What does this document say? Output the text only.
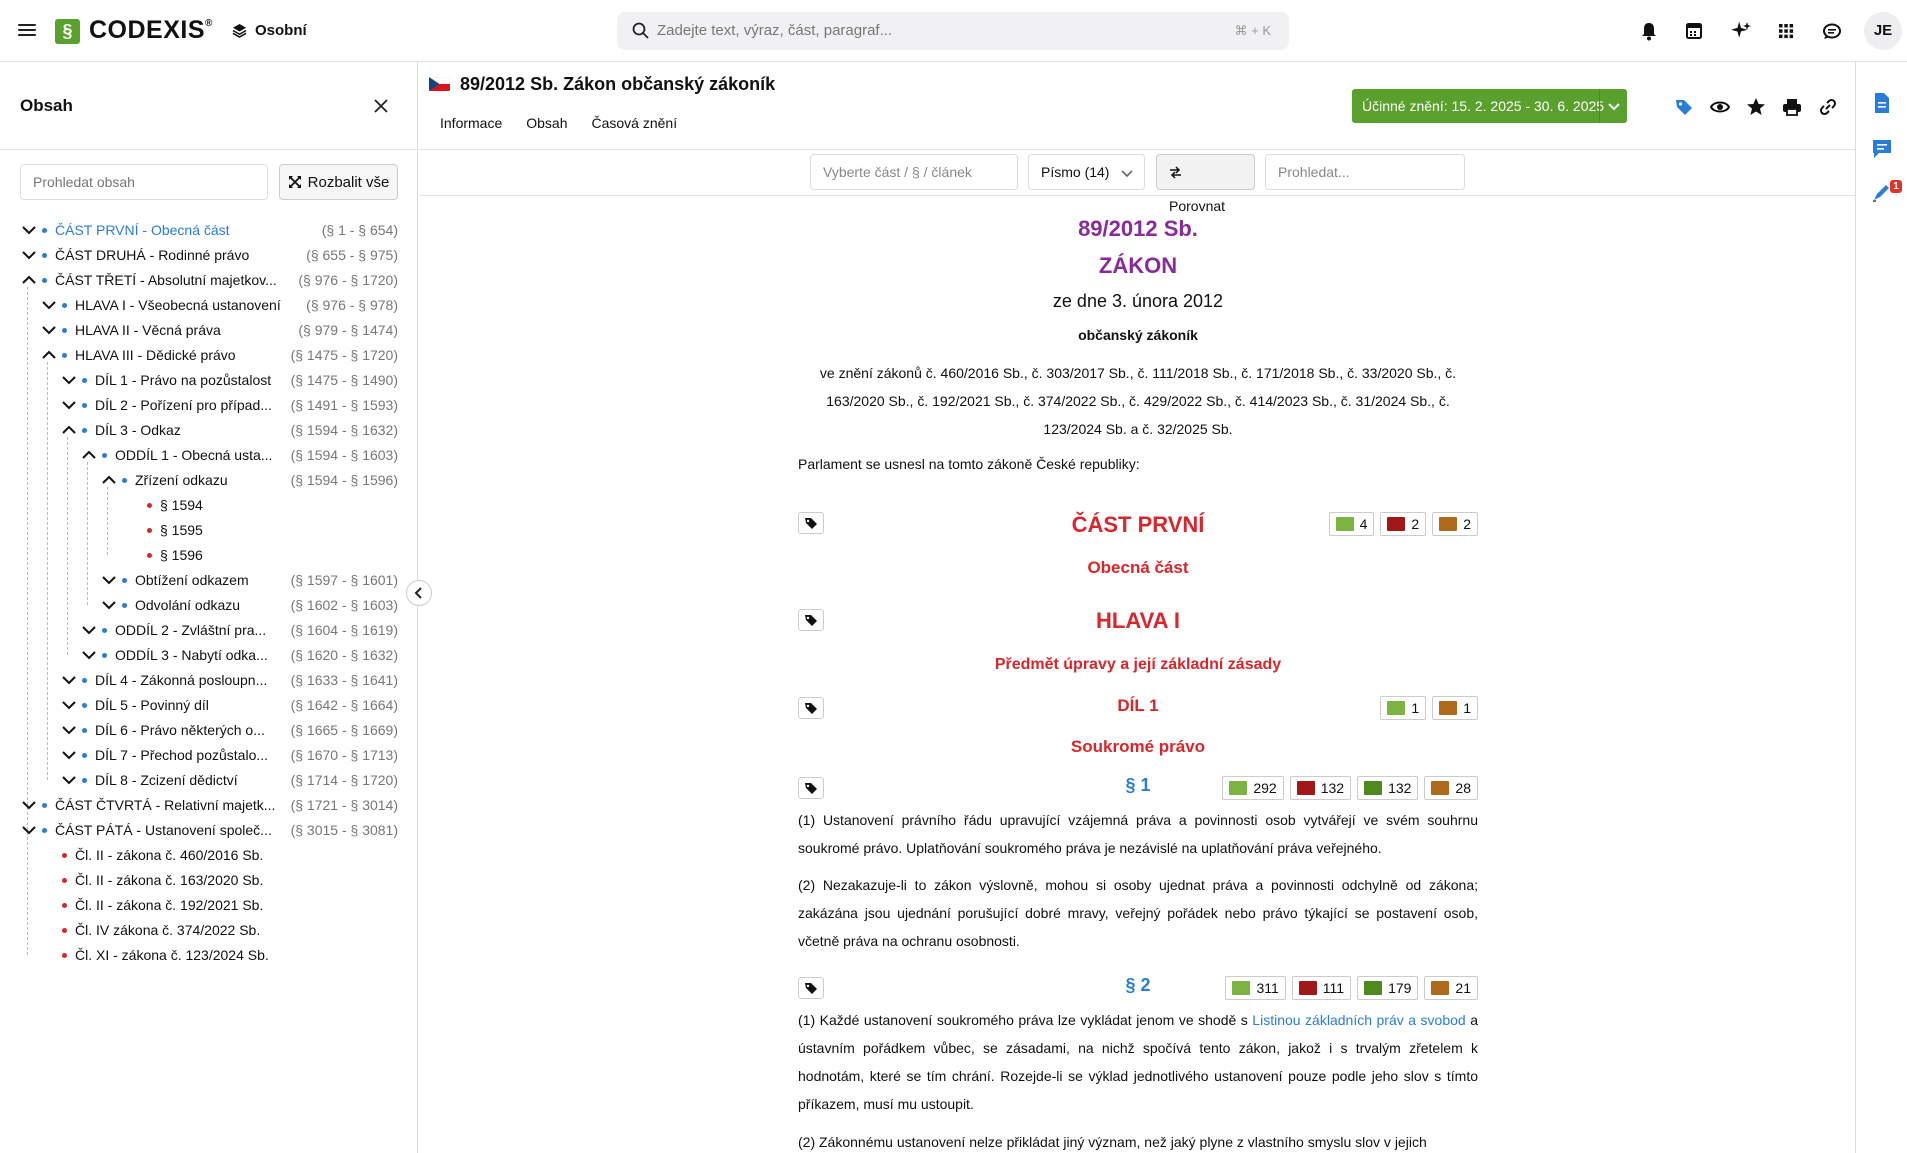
§ CODEXIS®	Osobní	Zadejte text, výraz, část, paragraf...	⌘ + K	JE
Obsah
Prohledat obsah	Rozbalit vše
ČÁST PRVNÍ - Obecná část	(§ 1 - § 654)
ČÁST DRUHÁ - Rodinné právo	(§ 655 - § 975)
ČÁST TŘETÍ - Absolutní majetkov... (§ 976 - § 1720)
HLAVA I - Všeobecná ustanovení (§ 976 - § 978)
HLAVA II - Věcná práva	(§ 979 - § 1474)
HLAVA III - Dědické právo	(§ 1475 - § 1720)
DÍL 1 - Právo na pozůstalost (§ 1475 - § 1490)
DÍL 2 - Pořízení pro případ... (§ 1491 - § 1593)
DÍL 3 - Odkaz	(§ 1594 - § 1632)
ODDÍL 1 - Obecná usta... (§ 1594 - § 1603)
Zřízení odkazu	(§ 1594 - § 1596)
§ 1594
§ 1595
§ 1596
Obtížení odkazem	(§ 1597 - § 1601)
Odvolání odkazu	(§ 1602 - § 1603)
ODDÍL 2 - Zvláštní pra... (§ 1604 - § 1619)
ODDÍL 3 - Nabytí odka... (§ 1620 - § 1632)
DÍL 4 - Zákonná posloupn... (§ 1633 - § 1641)
DÍL 5 - Povinný díl	(§ 1642 - § 1664)
DÍL 6 - Právo některých o... (§ 1665 - § 1669)
DÍL 7 - Přechod pozůstalo... (§ 1670 - § 1713)
DÍL 8 - Zcizení dědictví	(§ 1714 - § 1720)
ČÁST ČTVRTÁ - Relativní majetk... (§ 1721 - § 3014)
ČÁST PÁTÁ - Ustanovení společ... (§ 3015 - § 3081)
Čl. II - zákona č. 460/2016 Sb.
Čl. II - zákona č. 163/2020 Sb.
Čl. II - zákona č. 192/2021 Sb.
Čl. IV zákona č. 374/2022 Sb.
Čl. XI - zákona č. 123/2024 Sb.
89/2012 Sb. Zákon občanský zákoník
Informace Obsah Časová znění
Účinné znění: 15. 2. 2025 - 30. 6. 2025
Vyberte část / § / článek	Písmo (14)
Porovnat
Prohledat...
89/2012 Sb.
ZÁKON
ze dne 3. února 2012
občanský zákoník
ve znění zákonů č. 460/2016 Sb., č. 303/2017 Sb., č. 111/2018 Sb., č. 171/2018 Sb., č. 33/2020 Sb., č. 163/2020 Sb., č. 192/2021 Sb., č. 374/2022 Sb., č. 429/2022 Sb., č. 414/2023 Sb., č. 31/2024 Sb., č. 123/2024 Sb. a č. 32/2025 Sb.
Parlament se usnesl na tomto zákoně České republiky:
ČÁST PRVNÍ	4	2	2
Obecná část
HLAVA I
Předmět úpravy a její základní zásady
DÍL 1	1	1
Soukromé právo
§ 1	292	132	132	28
(1) Ustanovení právního řádu upravující vzájemná práva a povinnosti osob vytvářejí ve svém souhrnu soukromé právo. Uplatňování soukromého práva je nezávislé na uplatňování práva veřejného.
(2) Nezakazuje-li to zákon výslovně, mohou si osoby ujednat práva a povinnosti odchylně od zákona; zakázána jsou ujednání porušující dobré mravy, veřejný pořádek nebo právo týkající se postavení osob, včetně práva na ochranu osobnosti.
§ 2	311	111	179	21
(1) Každé ustanovení soukromého práva lze vykládat jenom ve shodě s Listinou základních práv a svobod a ústavním pořádkem vůbec, se zásadami, na nichž spočívá tento zákon, jakož i s trvalým zřetelem k hodnotám, které se tím chrání. Rozejde-li se výklad jednotlivého ustanovení pouze podle jeho slov s tímto příkazem, musí mu ustoupit.
(2) Zákonnému ustanovení nelze přikládat jiný význam, než jaký plyne z vlastního smyslu slov v jejich
1
